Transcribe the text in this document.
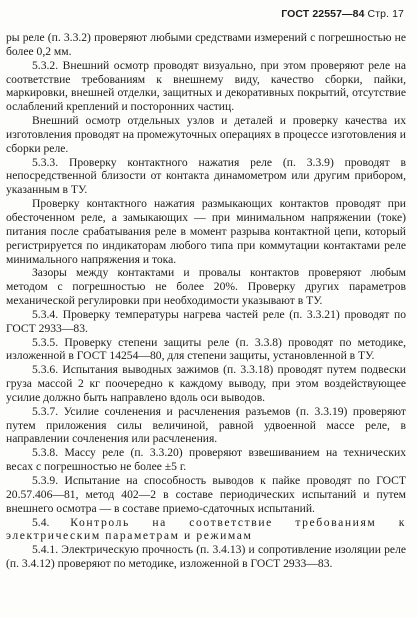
ГОСТ 22557—84 Стр. 17

ры реле (п. 3.3.2) проверяют любыми средствами измерений с погрешностью не более 0,2 мм.

5.3.2. Внешний осмотр проводят визуально, при этом проверяют реле на соответствие требованиям к внешнему виду, качество сборки, пайки, маркировки, внешней отделки, защитных и декоративных покрытий, отсутствие ослаблений креплений и посторонних частиц.

Внешний осмотр отдельных узлов и деталей и проверку качества их изготовления проводят на промежуточных операциях в процессе изготовления и сборки реле.

5.3.3. Проверку контактного нажатия реле (п. 3.3.9) проводят в непосредственной близости от контакта динамометром или другим прибором, указанным в ТУ.

Проверку контактного нажатия размыкающих контактов проводят при обесточенном реле, а замыкающих — при минимальном напряжении (токе) питания после срабатывания реле в момент разрыва контактной цепи, который регистрируется по индикаторам любого типа при коммутации контактами реле минимального напряжения и тока.

Зазоры между контактами и провалы контактов проверяют любым методом с погрешностью не более 20%. Проверку других параметров механической регулировки при необходимости указывают в ТУ.

5.3.4. Проверку температуры нагрева частей реле (п. 3.3.21) проводят по ГОСТ 2933—83.

5.3.5. Проверку степени защиты реле (п. 3.3.8) проводят по методике, изложенной в ГОСТ 14254—80, для степени защиты, установленной в ТУ.

5.3.6. Испытания выводных зажимов (п. 3.3.18) проводят путем подвески груза массой 2 кг поочередно к каждому выводу, при этом воздействующее усилие должно быть направлено вдоль оси выводов.

5.3.7. Усилие сочленения и расчленения разъемов (п. 3.3.19) проверяют путем приложения силы величиной, равной удвоенной массе реле, в направлении сочленения или расчленения.

5.3.8. Массу реле (п. 3.3.20) проверяют взвешиванием на технических весах с погрешностью не более ±5 г.

5.3.9. Испытание на способность выводов к пайке проводят по ГОСТ 20.57.406—81, метод 402—2 в составе периодических испытаний и путем внешнего осмотра — в составе приемо-сдаточных испытаний.

5.4. Контроль на соответствие требованиям к электрическим параметрам и режимам

5.4.1. Электрическую прочность (п. 3.4.13) и сопротивление изоляции реле (п. 3.4.12) проверяют по методике, изложенной в ГОСТ 2933—83.
